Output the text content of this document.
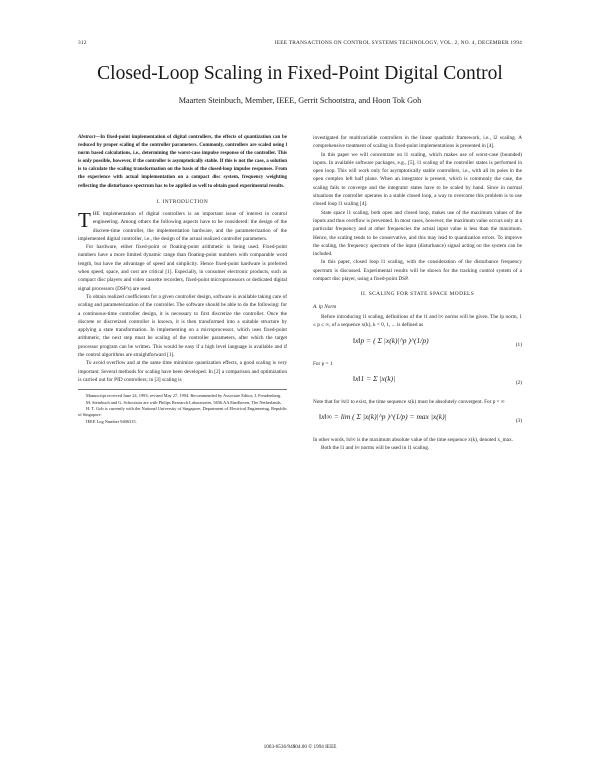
312	IEEE TRANSACTIONS ON CONTROL SYSTEMS TECHNOLOGY, VOL. 2, NO. 4, DECEMBER 1994
Closed-Loop Scaling in Fixed-Point Digital Control
Maarten Steinbuch, Member, IEEE, Gerrit Schootstra, and Hoon Tok Goh

Abstract—In fixed-point implementation of digital controllers, the effects of quantization can be reduced by proper scaling of the controller parameters. Commonly, controllers are scaled using l norm based calculations, i.e., determining the worst-case impulse response of the controller. This is only possible, however, if the controller is asymptotically stable. If this is not the case, a solution is to calculate the scaling transformation on the basis of the closed-loop impulse responses. From the experience with actual implementation on a compact disc system, frequency weighting reflecting the disturbance spectrum has to be applied as well to obtain good experimental results.

I. INTRODUCTION

THE implementation of digital controllers is an important issue of interest in control engineering. Among others the following aspects have to be considered: the design of the discrete-time controller, the implementation hardware, and the parameterization of the implemented digital controller, i.e., the design of the actual realized controller parameters.

For hardware, either fixed-point or floating-point arithmetic is being used. Fixed-point numbers have a more limited dynamic range than floating-point numbers with comparable word length, but have the advantage of speed and simplicity. Hence fixed-point hardware is preferred when speed, space, and cost are critical [1]. Especially, in consumer electronic products, such as compact disc players and video cassette recorders, fixed-point microprocessors or dedicated digital signal processors (DSP's) are used.

To obtain realized coefficients for a given controller design, software is available taking care of scaling and parameterization of the controller. The software should be able to do the following: for a continuous-time controller design, it is necessary to first discretize the controller. Once the discrete or discretized controller is known, it is then transformed into a suitable structure by applying a state transformation. In implementing on a microprocessor, which uses fixed-point arithmetic, the next step must be scaling of the controller parameters, after which the target processor program can be written. This would be easy if a high level language is available and if the control algorithms are straightforward [1].

To avoid overflow and at the same time minimize quantization effects, a good scaling is very important. Several methods for scaling have been developed. In [2] a comparison and optimization is carried out for PID controllers; in [3] scaling is

Manuscript received June 24, 1993; revised May 27, 1994. Recommended by Associate Editor, J. Freudenberg.

M. Steinbuch and G. Schootstra are with Philips Research Laboratories, 5656 AA Eindhoven, The Netherlands.

H. T. Goh is currently with the National University of Singapore, Department of Electrical Engineering, Republic of Singapore.

IEEE Log Number 9406315.

investigated for multivariable controllers in the linear quadratic framework, i.e., l2 scaling. A comprehensive treatment of scaling in fixed-point implementations is presented in [4].

In this paper we will concentrate on l1 scaling, which makes use of worst-case (bounded) inputs. In available software packages, e.g., [5], l1 scaling of the controller states is performed in open loop. This will work only for asymptotically stable controllers, i.e., with all its poles in the open complex left half plane. When an integrator is present, which is commonly the case, the scaling fails to converge and the integrator states have to be scaled by hand. Since in normal situations the controller operates in a stable closed loop, a way to overcome this problem is to use closed loop l1 scaling [4].

State space l1 scaling, both open and closed loop, makes use of the maximum values of the inputs and thus overflow is prevented. In most cases, however, the maximum value occurs only at a particular frequency and at other frequencies the actual input value is less than the maximum. Hence, the scaling tends to be conservative, and this may lead to quantization errors. To improve the scaling, the frequency spectrum of the input (disturbance) signal acting on the system can be included.

In this paper, closed loop l1 scaling, with the consideration of the disturbance frequency spectrum is discussed. Experimental results will be shown for the tracking control system of a compact disc player, using a fixed-point DSP.

II. SCALING FOR STATE SPACE MODELS
A. lp Norm

Before introducing l1 scaling, definitions of the l1 and l∞ norms will be given. The lp norm, 1 ≤ p ≤ ∞, of a sequence x(k), k = 0, 1, ... is defined as

‖x‖p = ( Σ |x(k)|^p )^(1/p)	(1)

For p = 1

‖x‖1 = Σ |x(k)|	(2)

Note that for ‖x‖1 to exist, the time sequence x(k) must be absolutely convergent. For p = ∞

‖x‖∞ = lim ( Σ |x(k)|^p )^(1/p) = max |x(k)|	(3)

In other words, ‖x‖∞ is the maximum absolute value of the time sequence x(k), denoted x_max.

Both the l1 and l∞ norms will be used in l1 scaling.

1063-6536/94$04.00 © 1994 IEEE
